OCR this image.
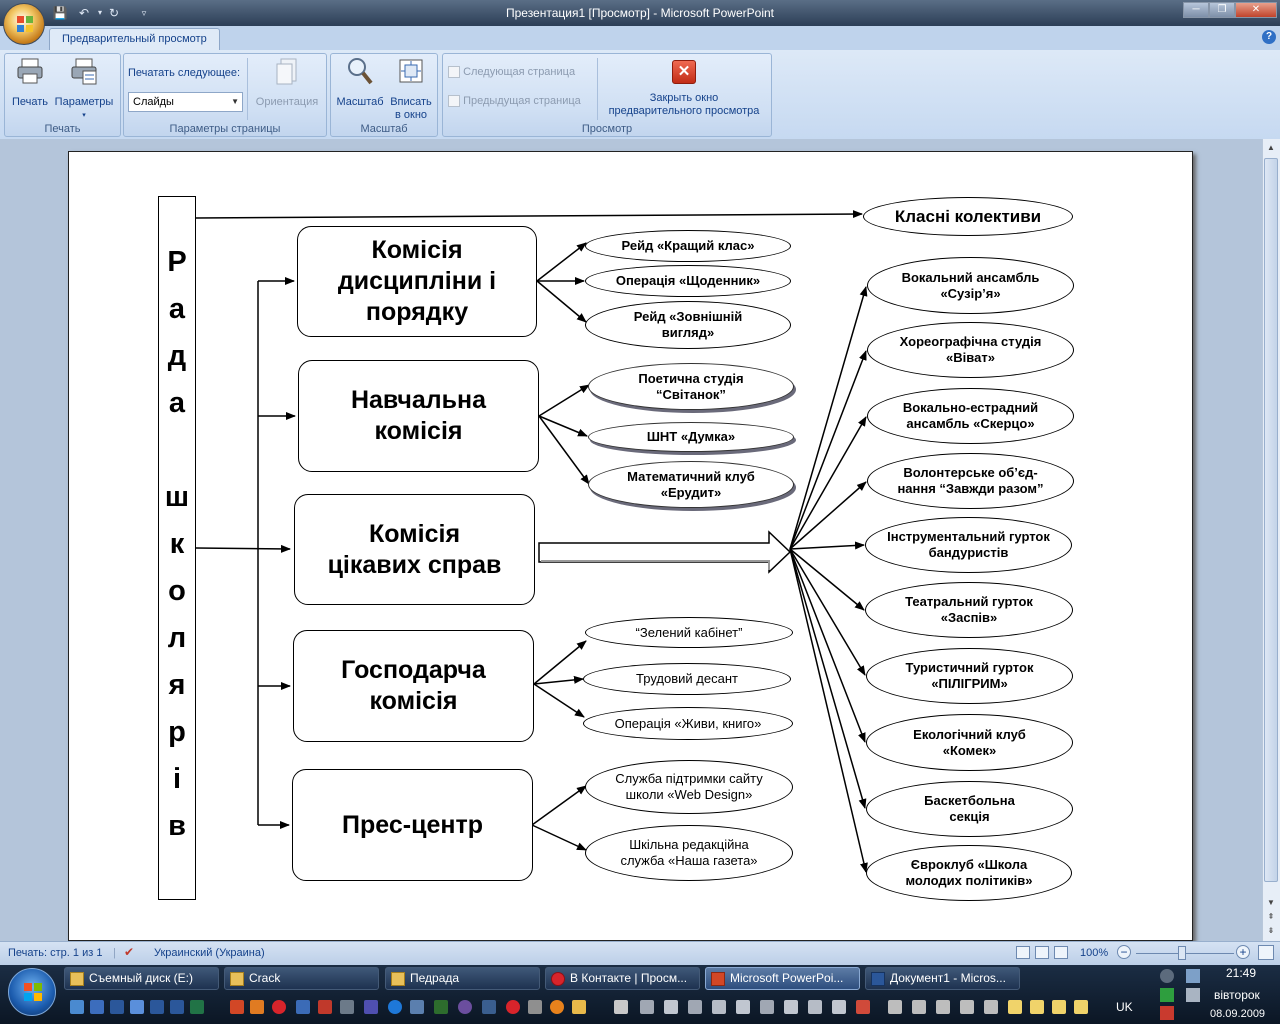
Презентация1 [Просмотр] - Microsoft PowerPoint
💾 ↶	▾ ↻	▿	─	❐	✕
Предварительный просмотр	?
Печать
Печать Параметры
▾
Параметры страницы
Печатать следующее:
Слайды	▼	Ориентация
Масштаб
Масштаб Вписать
в окно
Просмотр
Следующая страница
Предыдущая страница
✕
Закрыть окно
предварительного просмотра
▲
▼
⇞
⇟
Р
а
д
а
ш
к
о
л
я
р
і
в
Комісія
дисципліни і
порядку
Навчальна
комісія
Комісія
цікавих справ
Господарча
комісія
Прес-центр
Рейд «Кращий клас»
Операція «Щоденник»
Рейд «Зовнішній
вигляд»
Поетична студія
“Світанок”
ШНТ «Думка»
Математичний клуб
«Ерудит»
“Зелений кабінет”
Трудовий десант
Операція «Живи, книго»
Служба підтримки сайту
школи «Web Design»
Шкільна редакційна
служба «Наша газета»
Класні колективи
Вокальний ансамбль
«Сузір’я»
Хореографічна студія
«Віват»
Вокально-естрадний
ансамбль «Скерцо»
Волонтерське об’єд-
нання “Завжди разом”
Інструментальний гурток
бандуристів
Театральний гурток
«Заспів»
Туристичний гурток
«ПІЛІГРИМ»
Екологічний клуб
«Комек»
Баскетбольна
секція
Євроклуб «Школа
молодих політиків»
Печать: стр. 1 из 1 | ✔ Украинский (Украина)	100% −	+
Съемный диск (E:)	Crack	Педрада	В Контакте | Просм...	Microsoft PowerPoi...	Документ1 - Micros...
UK
21:49
вівторок
08.09.2009
